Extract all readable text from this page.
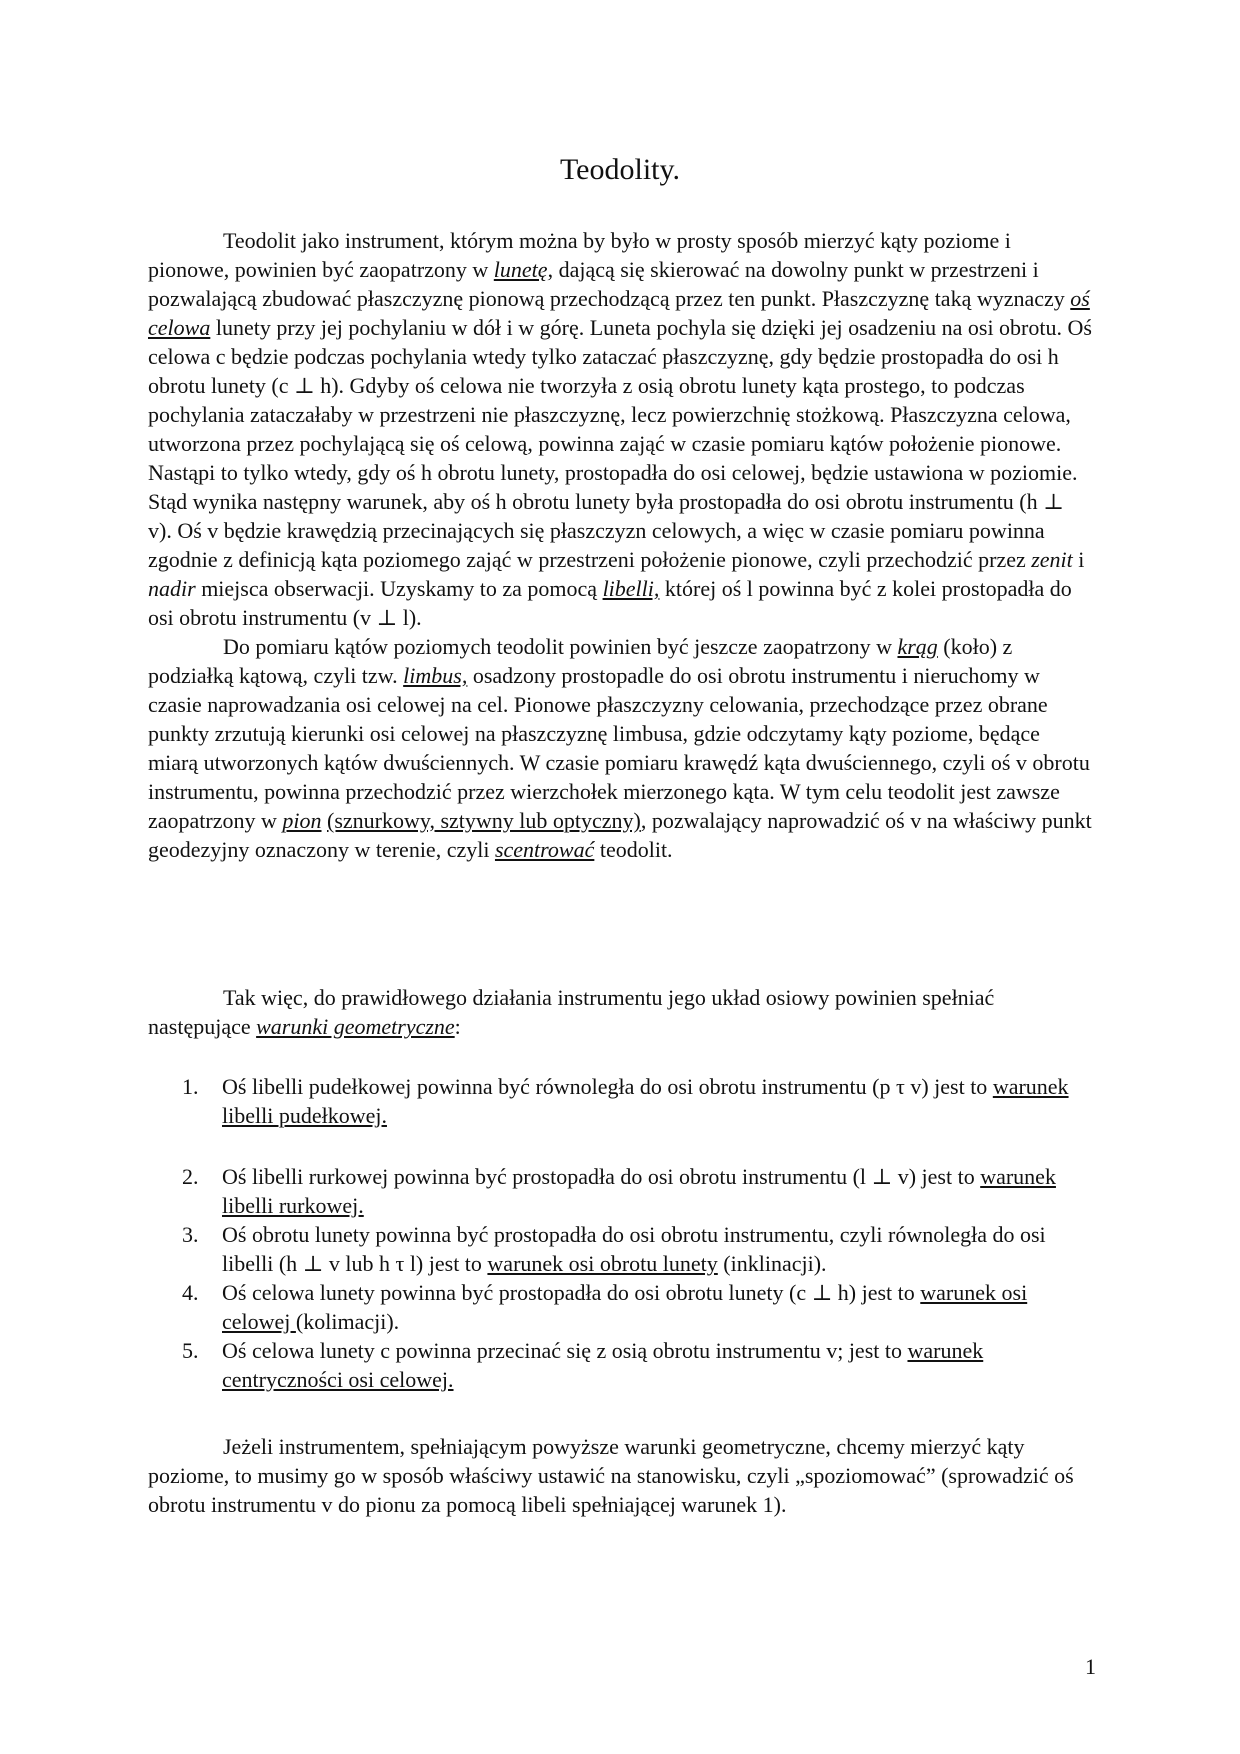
Teodolity.

Teodolit jako instrument, którym można by było w prosty sposób mierzyć kąty poziome i pionowe, powinien być zaopatrzony w lunetę, dającą się skierować na dowolny punkt w przestrzeni i pozwalającą zbudować płaszczyznę pionową przechodzącą przez ten punkt. Płaszczyznę taką wyznaczy oś celowa lunety przy jej pochylaniu w dół i w górę. Luneta pochyla się dzięki jej osadzeniu na osi obrotu. Oś celowa c będzie podczas pochylania wtedy tylko zataczać płaszczyznę, gdy będzie prostopadła do osi h obrotu lunety (c ⊥ h). Gdyby oś celowa nie tworzyła z osią obrotu lunety kąta prostego, to podczas pochylania zataczałaby w przestrzeni nie płaszczyznę, lecz powierzchnię stożkową. Płaszczyzna celowa, utworzona przez pochylającą się oś celową, powinna zająć w czasie pomiaru kątów położenie pionowe. Nastąpi to tylko wtedy, gdy oś h obrotu lunety, prostopadła do osi celowej, będzie ustawiona w poziomie. Stąd wynika następny warunek, aby oś h obrotu lunety była prostopadła do osi obrotu instrumentu (h ⊥ v). Oś v będzie krawędzią przecinających się płaszczyzn celowych, a więc w czasie pomiaru powinna zgodnie z definicją kąta poziomego zająć w przestrzeni położenie pionowe, czyli przechodzić przez zenit i nadir miejsca obserwacji. Uzyskamy to za pomocą libelli, której oś l powinna być z kolei prostopadła do osi obrotu instrumentu (v ⊥ l).

Do pomiaru kątów poziomych teodolit powinien być jeszcze zaopatrzony w krąg (koło) z podziałką kątową, czyli tzw. limbus, osadzony prostopadle do osi obrotu instrumentu i nieruchomy w czasie naprowadzania osi celowej na cel. Pionowe płaszczyzny celowania, przechodzące przez obrane punkty zrzutują kierunki osi celowej na płaszczyznę limbusa, gdzie odczytamy kąty poziome, będące miarą utworzonych kątów dwuściennych. W czasie pomiaru krawędź kąta dwuściennego, czyli oś v obrotu instrumentu, powinna przechodzić przez wierzchołek mierzonego kąta. W tym celu teodolit jest zawsze zaopatrzony w pion (sznurkowy, sztywny lub optyczny), pozwalający naprowadzić oś v na właściwy punkt geodezyjny oznaczony w terenie, czyli scentrować teodolit.

Tak więc, do prawidłowego działania instrumentu jego układ osiowy powinien spełniać następujące warunki geometryczne:

1. Oś libelli pudełkowej powinna być równoległa do osi obrotu instrumentu (p τ v) jest to warunek libelli pudełkowej.
2. Oś libelli rurkowej powinna być prostopadła do osi obrotu instrumentu (l ⊥ v) jest to warunek libelli rurkowej.
3. Oś obrotu lunety powinna być prostopadła do osi obrotu instrumentu, czyli równoległa do osi libelli (h ⊥ v lub h τ l) jest to warunek osi obrotu lunety (inklinacji).
4. Oś celowa lunety powinna być prostopadła do osi obrotu lunety (c ⊥ h) jest to warunek osi celowej (kolimacji).
5. Oś celowa lunety c powinna przecinać się z osią obrotu instrumentu v; jest to warunek centryczności osi celowej.

Jeżeli instrumentem, spełniającym powyższe warunki geometryczne, chcemy mierzyć kąty poziome, to musimy go w sposób właściwy ustawić na stanowisku, czyli „spoziomować” (sprowadzić oś obrotu instrumentu v do pionu za pomocą libeli spełniającej warunek 1).

1
